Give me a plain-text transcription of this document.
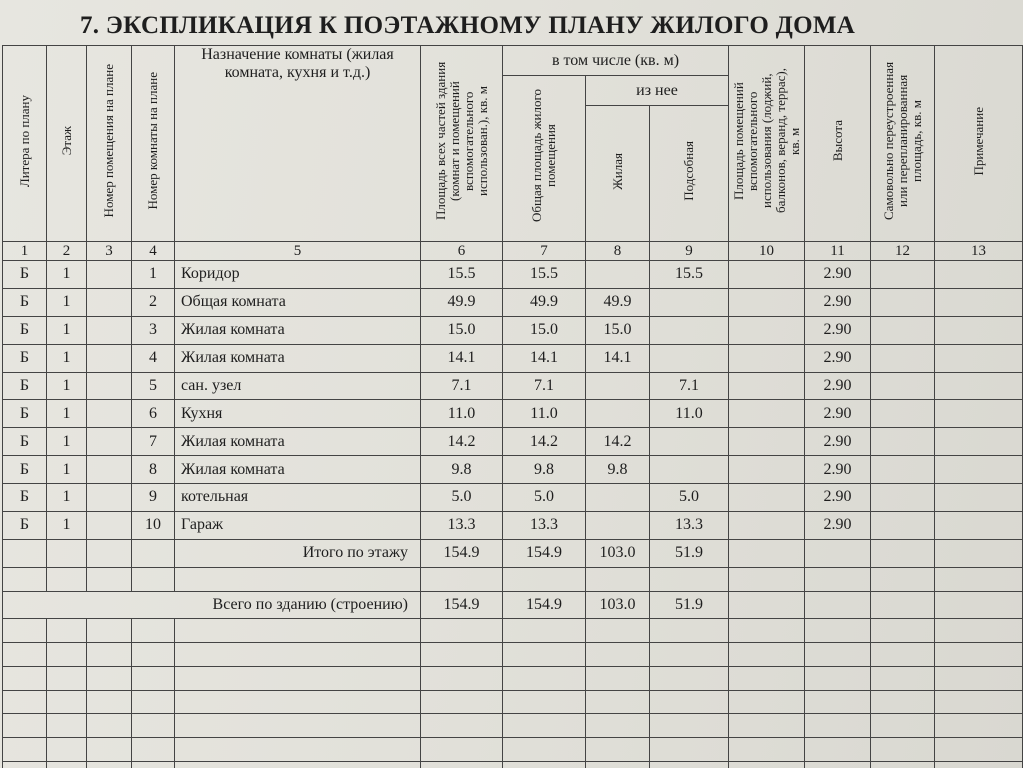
7. ЭКСПЛИКАЦИЯ К ПОЭТАЖНОМУ ПЛАНУ ЖИЛОГО ДОМА
Литера по плану	Этаж	Номер помещения на плане	Номер комнаты на плане	Назначение комнаты (жилая комната, кухня и т.д.)	Площадь всех частей здания (комнат и помещений вспомогательного использован.), кв. м	в том числе (кв. м)			Площадь помещений вспомогательного использования (лоджий, балконов, веранд, террас), кв. м	Высота	Самовольно переустроенная или перепланированная площадь, кв. м	Примечание
						Общая площадь жилого помещения	из нее					
							Жилая	Подсобная				
1	2	3	4	5	6	7	8	9	10	11	12	13
Б	1		1	Коридор	15.5	15.5		15.5		2.90		
Б	1		2	Общая комната	49.9	49.9	49.9			2.90		
Б	1		3	Жилая комната	15.0	15.0	15.0			2.90		
Б	1		4	Жилая комната	14.1	14.1	14.1			2.90		
Б	1		5	сан. узел	7.1	7.1		7.1		2.90		
Б	1		6	Кухня	11.0	11.0		11.0		2.90		
Б	1		7	Жилая комната	14.2	14.2	14.2			2.90		
Б	1		8	Жилая комната	9.8	9.8	9.8			2.90		
Б	1		9	котельная	5.0	5.0		5.0		2.90		
Б	1		10	Гараж	13.3	13.3		13.3		2.90		
				Итого по этажу	154.9	154.9	103.0	51.9				

Всего по зданию (строению)					154.9	154.9	103.0	51.9				
